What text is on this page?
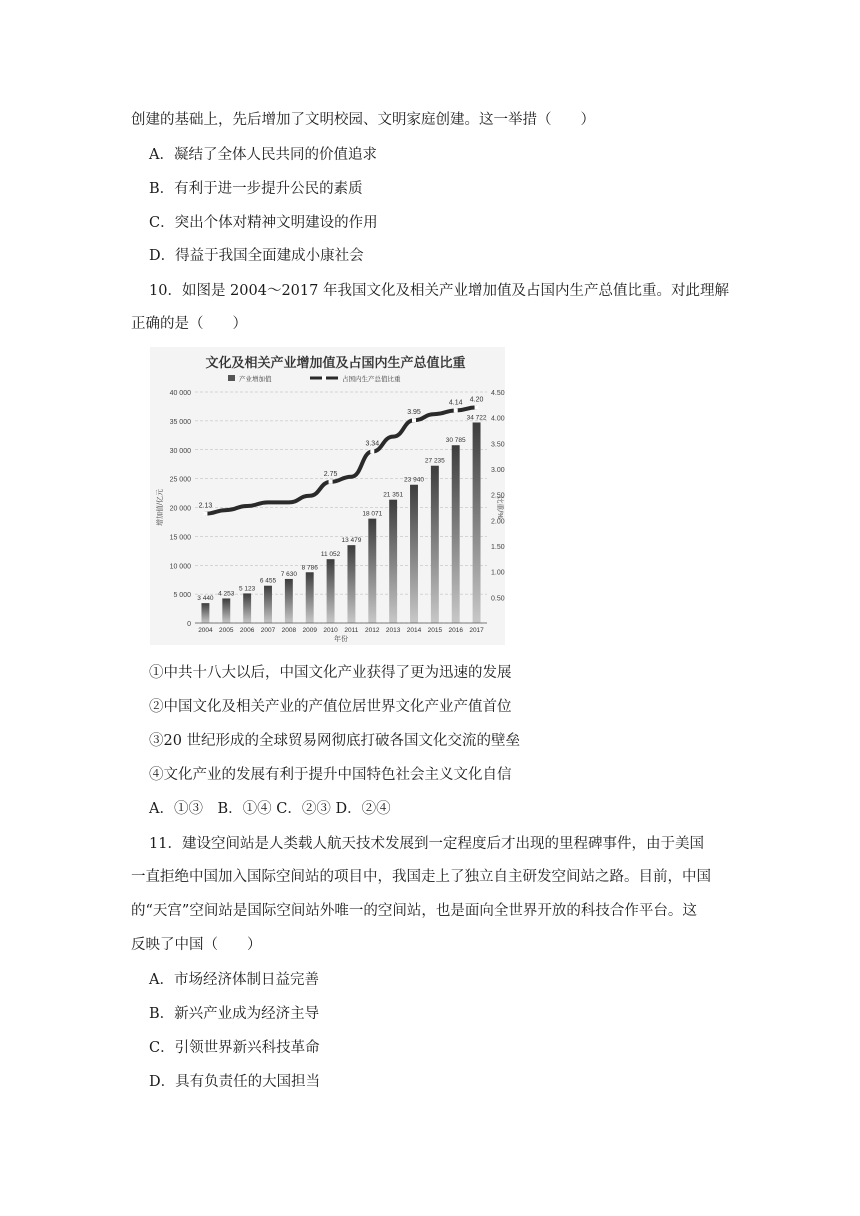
创建的基础上，先后增加了文明校园、文明家庭创建。这一举措（　　）
A．凝结了全体人民共同的价值追求
B．有利于进一步提升公民的素质
C．突出个体对精神文明建设的作用
D．得益于我国全面建成小康社会
10．如图是 2004～2017 年我国文化及相关产业增加值及占国内生产总值比重。对此理解
正确的是（　　）
文化及相关产业增加值及占国内生产总值比重
0
5 000
10 000
15 000
20 000
25 000
30 000
35 000
40 000
0.50
1.00
1.50
2.00
2.50
3.00
3.50
4.00
4.50
增加值/亿元	比重/%
年份
3 440
4 253
5 123
6 455
7 630
8 786
11 052
13 479
18 071
21 351
23 940
27 235
30 785
34 722
2004 2005 2006 2007 2008 2009 2010 2011 2012 2013 2014 2015 2016 2017
2.13
2.75
3.34
3.95
4.14 4.20
产业增加值	占国内生产总值比重
①中共十八大以后，中国文化产业获得了更为迅速的发展
②中国文化及相关产业的产值位居世界文化产业产值首位
③20 世纪形成的全球贸易网彻底打破各国文化交流的壁垒
④文化产业的发展有利于提升中国特色社会主义文化自信
A．①③　B．①④ C．②③ D．②④
11．建设空间站是人类载人航天技术发展到一定程度后才出现的里程碑事件，由于美国
一直拒绝中国加入国际空间站的项目中，我国走上了独立自主研发空间站之路。目前，中国
的“天宫”空间站是国际空间站外唯一的空间站，也是面向全世界开放的科技合作平台。这
反映了中国（　　）
A．市场经济体制日益完善
B．新兴产业成为经济主导
C．引领世界新兴科技革命
D．具有负责任的大国担当
